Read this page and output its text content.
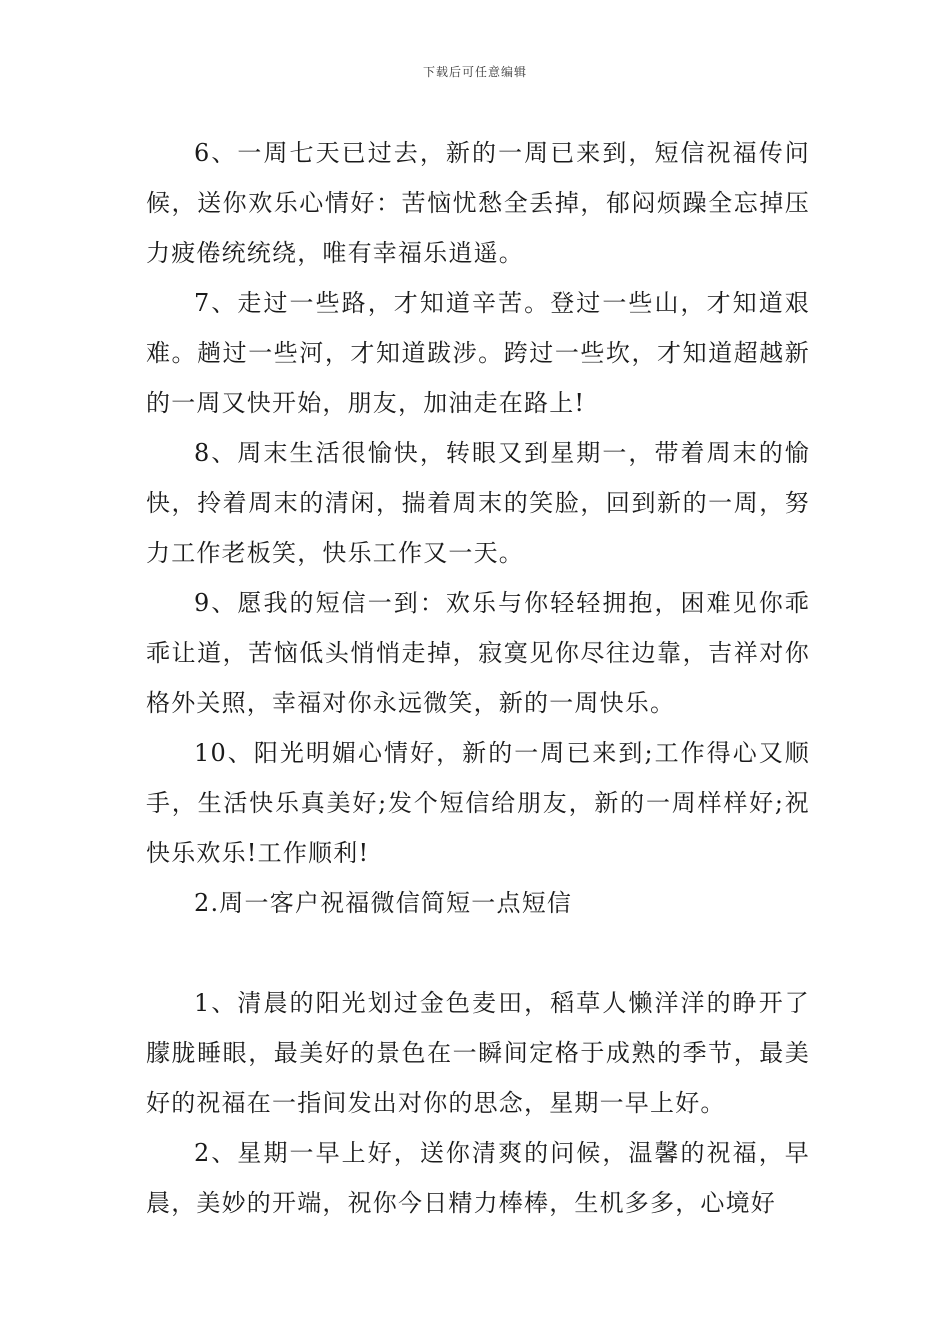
下载后可任意编辑

6、一周七天已过去，新的一周已来到，短信祝福传问候，送你欢乐心情好：苦恼忧愁全丢掉，郁闷烦躁全忘掉压力疲倦统统绕，唯有幸福乐逍遥。

7、走过一些路，才知道辛苦。登过一些山，才知道艰难。趟过一些河，才知道跋涉。跨过一些坎，才知道超越新的一周又快开始，朋友，加油走在路上!

8、周末生活很愉快，转眼又到星期一，带着周末的愉快，拎着周末的清闲，揣着周末的笑脸，回到新的一周，努力工作老板笑，快乐工作又一天。

9、愿我的短信一到：欢乐与你轻轻拥抱，困难见你乖乖让道，苦恼低头悄悄走掉，寂寞见你尽往边靠，吉祥对你格外关照，幸福对你永远微笑，新的一周快乐。

10、阳光明媚心情好，新的一周已来到;工作得心又顺手，生活快乐真美好;发个短信给朋友，新的一周样样好;祝快乐欢乐!工作顺利!

2.周一客户祝福微信简短一点短信

1、清晨的阳光划过金色麦田，稻草人懒洋洋的睁开了朦胧睡眼，最美好的景色在一瞬间定格于成熟的季节，最美好的祝福在一指间发出对你的思念，星期一早上好。

2、星期一早上好，送你清爽的问候，温馨的祝福，早晨，美妙的开端，祝你今日精力棒棒，生机多多，心境好
